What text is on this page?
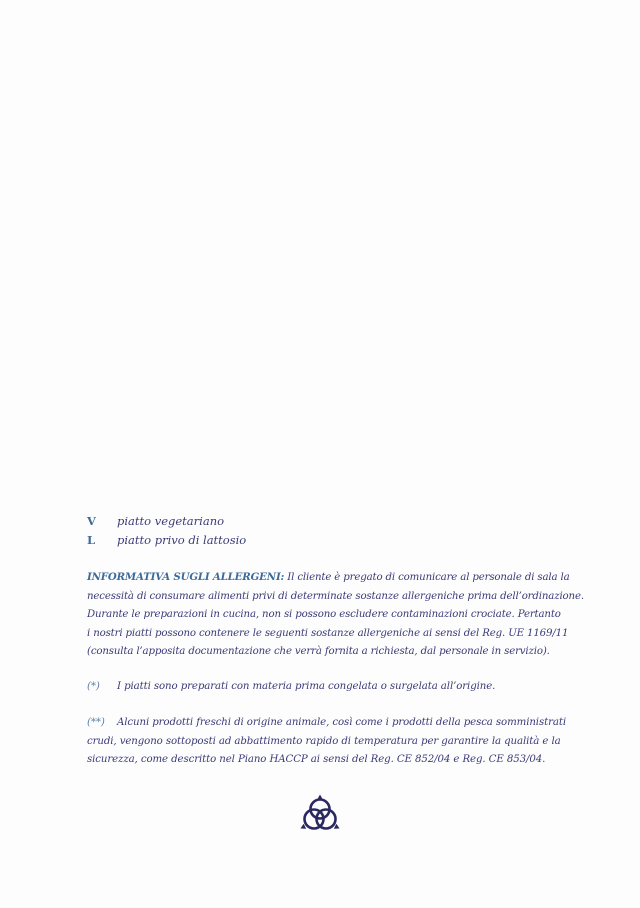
V	piatto vegetariano
L	piatto privo di lattosio
INFORMATIVA SUGLI ALLERGENI: Il cliente è pregato di comunicare al personale di sala la
necessità di consumare alimenti privi di determinate sostanze allergeniche prima dell’ordinazione.
Durante le preparazioni in cucina, non si possono escludere contaminazioni crociate. Pertanto
i nostri piatti possono contenere le seguenti sostanze allergeniche ai sensi del Reg. UE 1169/11
(consulta l’apposita documentazione che verrà fornita a richiesta, dal personale in servizio).
(*) I piatti sono preparati con materia prima congelata o surgelata all’origine.
(**) Alcuni prodotti freschi di origine animale, così come i prodotti della pesca somministrati
crudi, vengono sottoposti ad abbattimento rapido di temperatura per garantire la qualità e la
sicurezza, come descritto nel Piano HACCP ai sensi del Reg. CE 852/04 e Reg. CE 853/04.
